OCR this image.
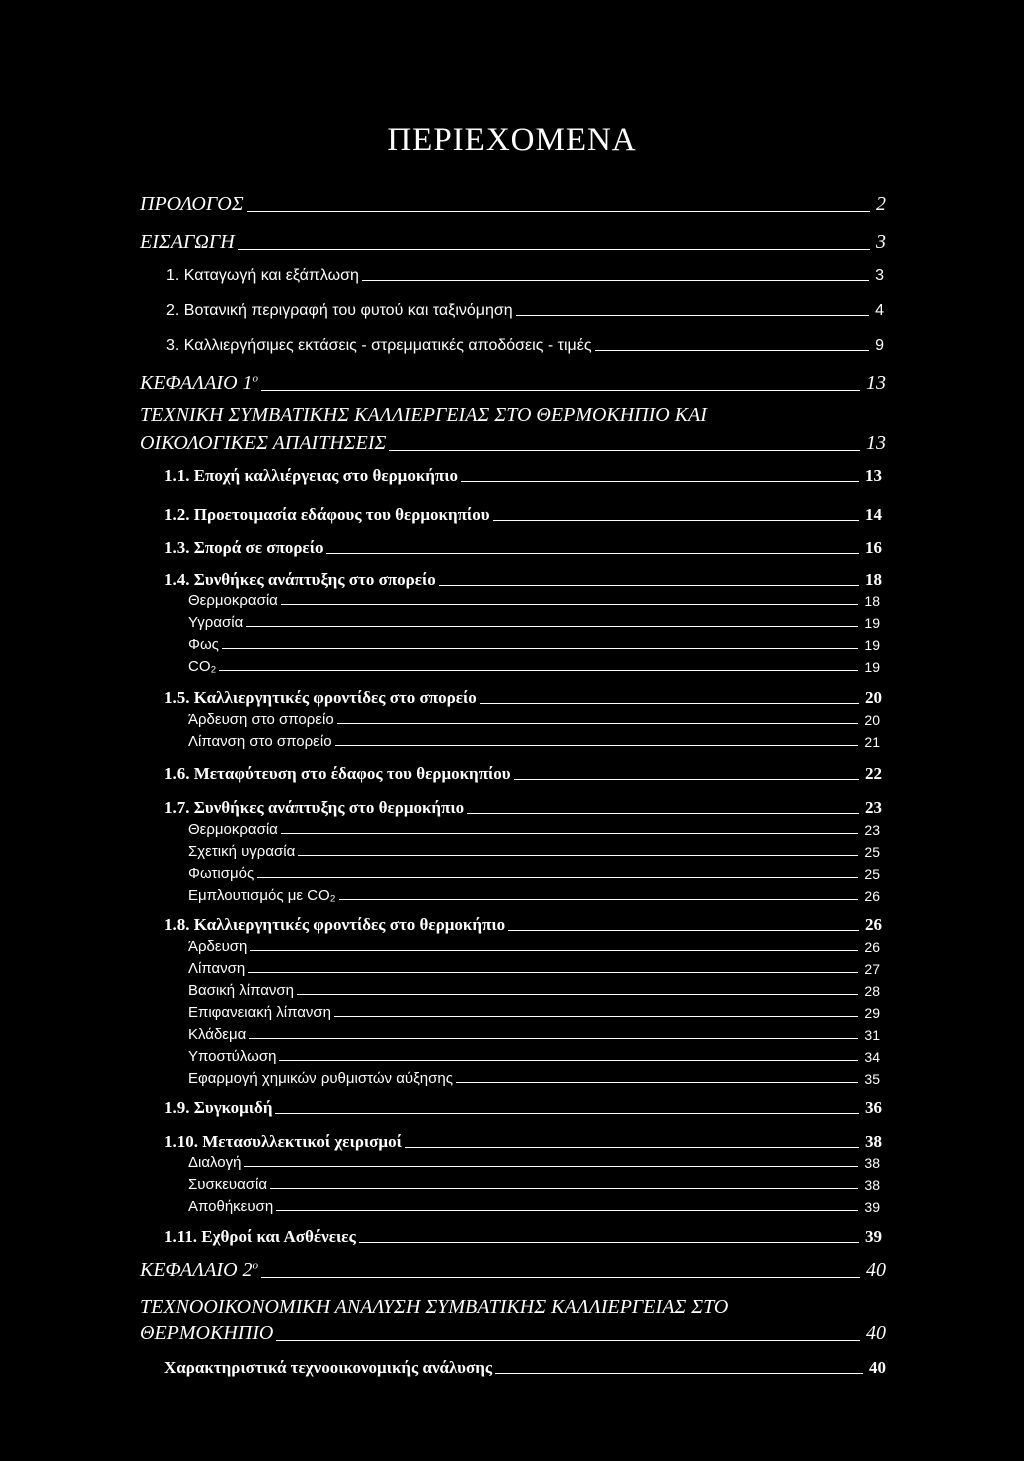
ΠΕΡΙΕΧΟΜΕΝΑ
ΠΡΟΛΟΓΟΣ	2
ΕΙΣΑΓΩΓΗ	3
1. Καταγωγή και εξάπλωση	3
2. Βοτανική περιγραφή του φυτού και ταξινόμηση	4
3. Καλλιεργήσιμες εκτάσεις - στρεμματικές αποδόσεις - τιμές	9
ΚΕΦΑΛΑΙΟ $1^o$	13
ΤΕΧΝΙΚΗ ΣΥΜΒΑΤΙΚΗΣ ΚΑΛΛΙΕΡΓΕΙΑΣ ΣΤΟ ΘΕΡΜΟΚΗΠΙΟ ΚΑΙ
ΟΙΚΟΛΟΓΙΚΕΣ ΑΠΑΙΤΗΣΕΙΣ	13
1.1. Εποχή καλλιέργειας στο θερμοκήπιο	13
1.2. Προετοιμασία εδάφους του θερμοκηπίου	14
1.3. Σπορά σε σπορείο	16
1.4. Συνθήκες ανάπτυξης στο σπορείο	18
Θερμοκρασία	18
Υγρασία	19
Φως	19
CO₂	19
1.5. Καλλιεργητικές φροντίδες στο σπορείο	20
Άρδευση στο σπορείο	20
Λίπανση στο σπορείο	21
1.6. Μεταφύτευση στο έδαφος του θερμοκηπίου	22
1.7. Συνθήκες ανάπτυξης στο θερμοκήπιο	23
Θερμοκρασία	23
Σχετική υγρασία	25
Φωτισμός	25
Εμπλουτισμός με CO₂	26
1.8. Καλλιεργητικές φροντίδες στο θερμοκήπιο	26
Άρδευση	26
Λίπανση	27
Βασική λίπανση	28
Επιφανειακή λίπανση	29
Κλάδεμα	31
Υποστύλωση	34
Εφαρμογή χημικών ρυθμιστών αύξησης	35
1.9. Συγκομιδή	36
1.10. Μετασυλλεκτικοί χειρισμοί	38
Διαλογή	38
Συσκευασία	38
Αποθήκευση	39
1.11. Εχθροί και Ασθένειες	39
ΚΕΦΑΛΑΙΟ $2^o$	40
ΤΕΧΝΟΟΙΚΟΝΟΜΙΚΗ ΑΝΑΛΥΣΗ ΣΥΜΒΑΤΙΚΗΣ ΚΑΛΛΙΕΡΓΕΙΑΣ ΣΤΟ
ΘΕΡΜΟΚΗΠΙΟ	40
Χαρακτηριστικά τεχνοοικονομικής ανάλυσης	40
